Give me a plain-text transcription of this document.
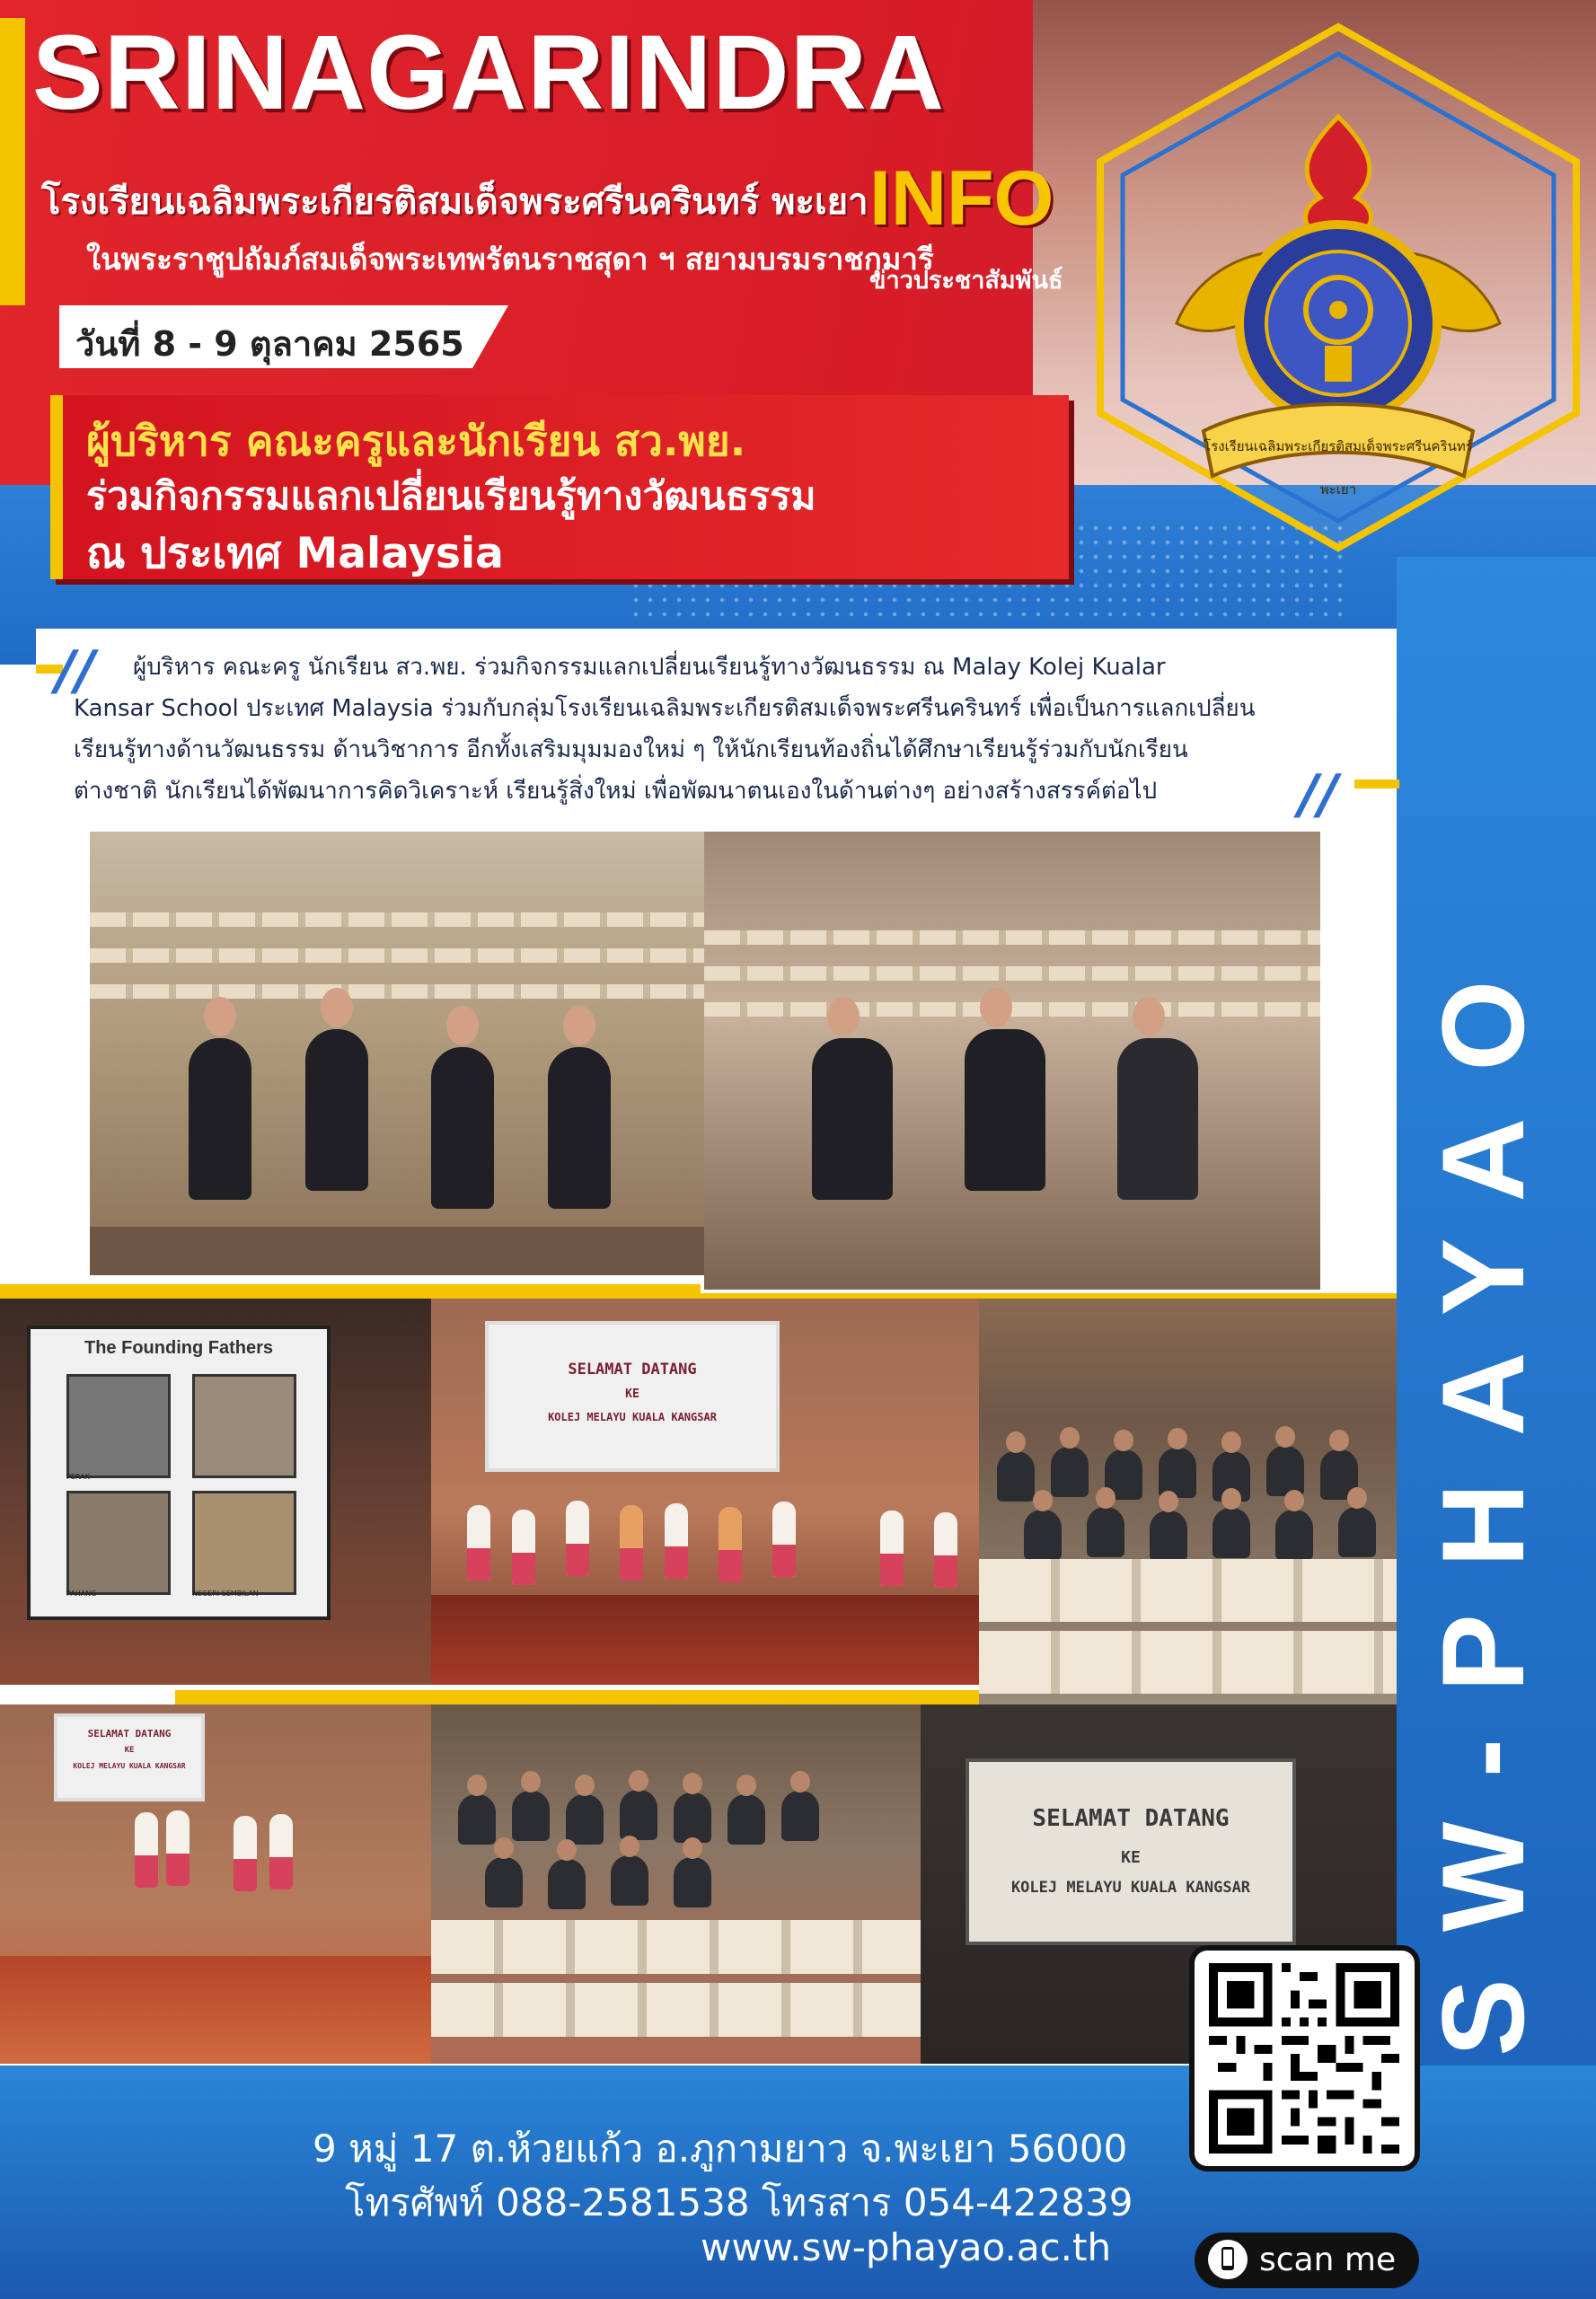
SRINAGARINDRA
โรงเรียนเฉลิมพระเกียรติสมเด็จพระศรีนครินทร์ พะเยา
ในพระราชูปถัมภ์สมเด็จพระเทพรัตนราชสุดา ฯ สยามบรมราชกุมารี
INFO
ข่าวประชาสัมพันธ์
วันที่ 8 - 9 ตุลาคม 2565
ผู้บริหาร คณะครูและนักเรียน สว.พย.
ร่วมกิจกรรมแลกเปลี่ยนเรียนรู้ทางวัฒนธรรม
ณ ประเทศ Malaysia
โรงเรียนเฉลิมพระเกียรติสมเด็จพระศรีนครินทร์
พะเยา
// ผู้บริหาร คณะครู นักเรียน สว.พย. ร่วมกิจกรรมแลกเปลี่ยนเรียนรู้ทางวัฒนธรรม ณ Malay Kolej Kualar
Kansar School ประเทศ Malaysia ร่วมกับกลุ่มโรงเรียนเฉลิมพระเกียรติสมเด็จพระศรีนครินทร์ เพื่อเป็นการแลกเปลี่ยน
เรียนรู้ทางด้านวัฒนธรรม ด้านวิชาการ อีกทั้งเสริมมุมมองใหม่ ๆ ให้นักเรียนท้องถิ่นได้ศึกษาเรียนรู้ร่วมกับนักเรียน
ต่างชาติ นักเรียนได้พัฒนาการคิดวิเคราะห์ เรียนรู้สิ่งใหม่ เพื่อพัฒนาตนเองในด้านต่างๆ อย่างสร้างสรรค์ต่อไป	//
The Founding Fathers
PERAK
PAHANG	NEGERI SEMBILAN
SELAMAT DATANG
KE
KOLEJ MELAYU KUALA KANGSAR
SELAMAT DATANG
KE
KOLEJ MELAYU KUALA KANGSAR
SELAMAT DATANG
KE
KOLEJ MELAYU KUALA KANGSAR	SW-PHAYAO
9 หมู่ 17 ต.ห้วยแก้ว อ.ภูกามยาว จ.พะเยา 56000
โทรศัพท์ 088-2581538 โทรสาร 054-422839
www.sw-phayao.ac.th	scan me
